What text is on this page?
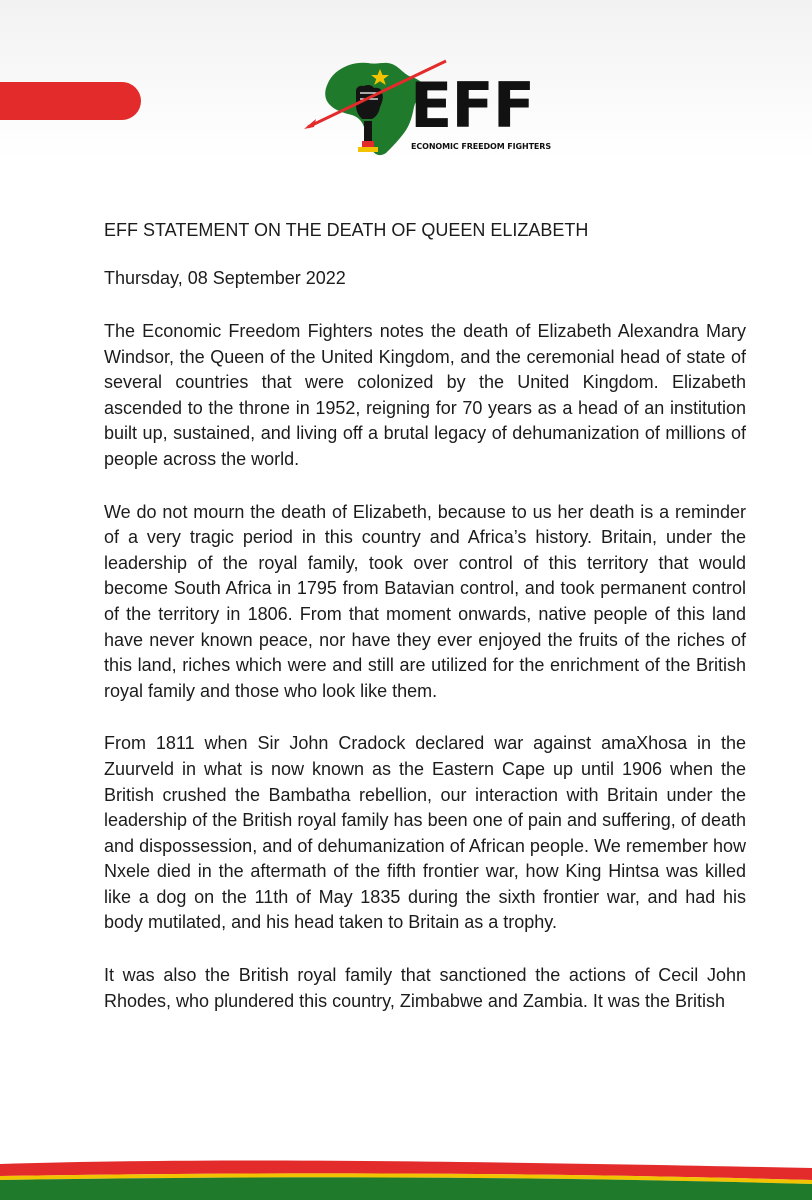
EFF
ECONOMIC FREEDOM FIGHTERS

EFF STATEMENT ON THE DEATH OF QUEEN ELIZABETH

Thursday, 08 September 2022

The Economic Freedom Fighters notes the death of Elizabeth Alexandra Mary Windsor, the Queen of the United Kingdom, and the ceremonial head of state of several countries that were colonized by the United Kingdom. Elizabeth ascended to the throne in 1952, reigning for 70 years as a head of an institution built up, sustained, and living off a brutal legacy of dehumanization of millions of people across the world.

We do not mourn the death of Elizabeth, because to us her death is a reminder of a very tragic period in this country and Africa’s history. Britain, under the leadership of the royal family, took over control of this territory that would become South Africa in 1795 from Batavian control, and took permanent control of the territory in 1806. From that moment onwards, native people of this land have never known peace, nor have they ever enjoyed the fruits of the riches of this land, riches which were and still are utilized for the enrichment of the British royal family and those who look like them.

From 1811 when Sir John Cradock declared war against amaXhosa in the Zuurveld in what is now known as the Eastern Cape up until 1906 when the British crushed the Bambatha rebellion, our interaction with Britain under the leadership of the British royal family has been one of pain and suffering, of death and dispossession, and of dehumanization of African people. We remember how Nxele died in the aftermath of the fifth frontier war, how King Hintsa was killed like a dog on the 11th of May 1835 during the sixth frontier war, and had his body mutilated, and his head taken to Britain as a trophy.

It was also the British royal family that sanctioned the actions of Cecil John Rhodes, who plundered this country, Zimbabwe and Zambia. It was the British
